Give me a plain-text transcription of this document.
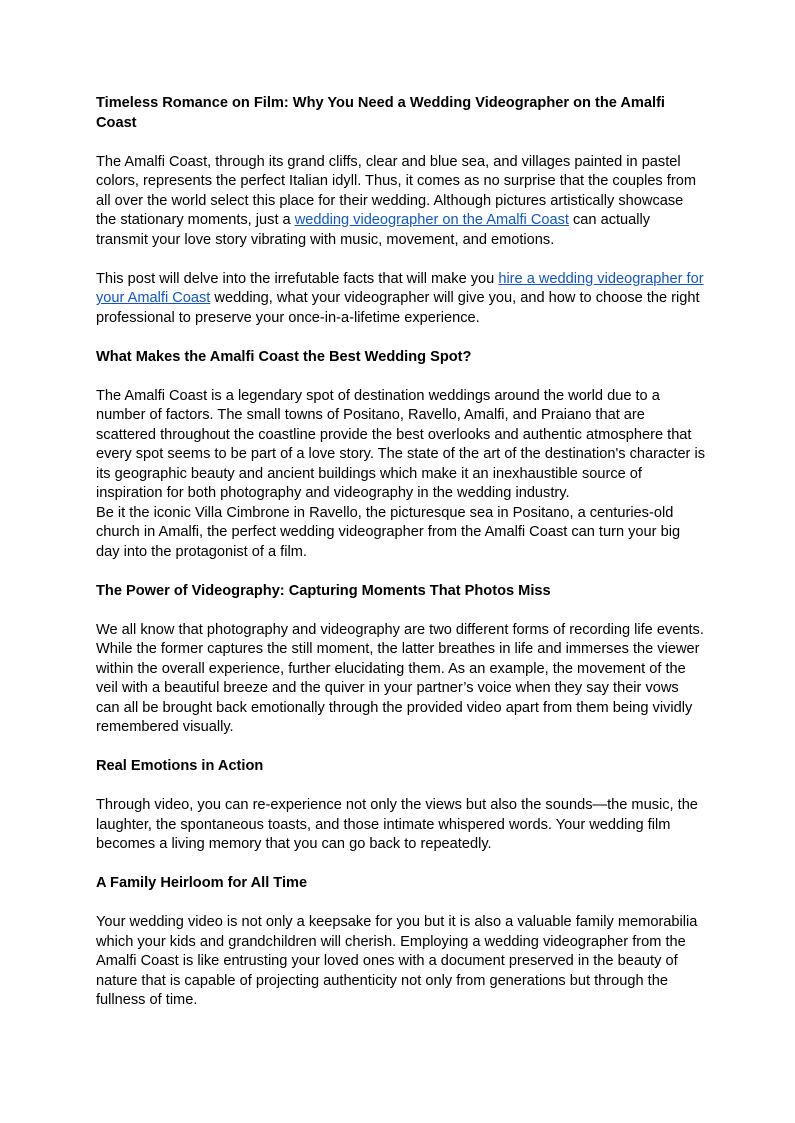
Timeless Romance on Film: Why You Need a Wedding Videographer on the Amalfi Coast

The Amalfi Coast, through its grand cliffs, clear and blue sea, and villages painted in pastel colors, represents the perfect Italian idyll. Thus, it comes as no surprise that the couples from all over the world select this place for their wedding. Although pictures artistically showcase the stationary moments, just a wedding videographer on the Amalfi Coast can actually transmit your love story vibrating with music, movement, and emotions.

This post will delve into the irrefutable facts that will make you hire a wedding videographer for your Amalfi Coast wedding, what your videographer will give you, and how to choose the right professional to preserve your once-in-a-lifetime experience.

What Makes the Amalfi Coast the Best Wedding Spot?

The Amalfi Coast is a legendary spot of destination weddings around the world due to a number of factors. The small towns of Positano, Ravello, Amalfi, and Praiano that are scattered throughout the coastline provide the best overlooks and authentic atmosphere that every spot seems to be part of a love story. The state of the art of the destination's character is its geographic beauty and ancient buildings which make it an inexhaustible source of inspiration for both photography and videography in the wedding industry.

Be it the iconic Villa Cimbrone in Ravello, the picturesque sea in Positano, a centuries-old church in Amalfi, the perfect wedding videographer from the Amalfi Coast can turn your big day into the protagonist of a film.

The Power of Videography: Capturing Moments That Photos Miss

We all know that photography and videography are two different forms of recording life events. While the former captures the still moment, the latter breathes in life and immerses the viewer within the overall experience, further elucidating them. As an example, the movement of the veil with a beautiful breeze and the quiver in your partner’s voice when they say their vows can all be brought back emotionally through the provided video apart from them being vividly remembered visually.

Real Emotions in Action

Through video, you can re-experience not only the views but also the sounds—the music, the laughter, the spontaneous toasts, and those intimate whispered words. Your wedding film becomes a living memory that you can go back to repeatedly.

A Family Heirloom for All Time

Your wedding video is not only a keepsake for you but it is also a valuable family memorabilia which your kids and grandchildren will cherish. Employing a wedding videographer from the Amalfi Coast is like entrusting your loved ones with a document preserved in the beauty of nature that is capable of projecting authenticity not only from generations but through the fullness of time.
